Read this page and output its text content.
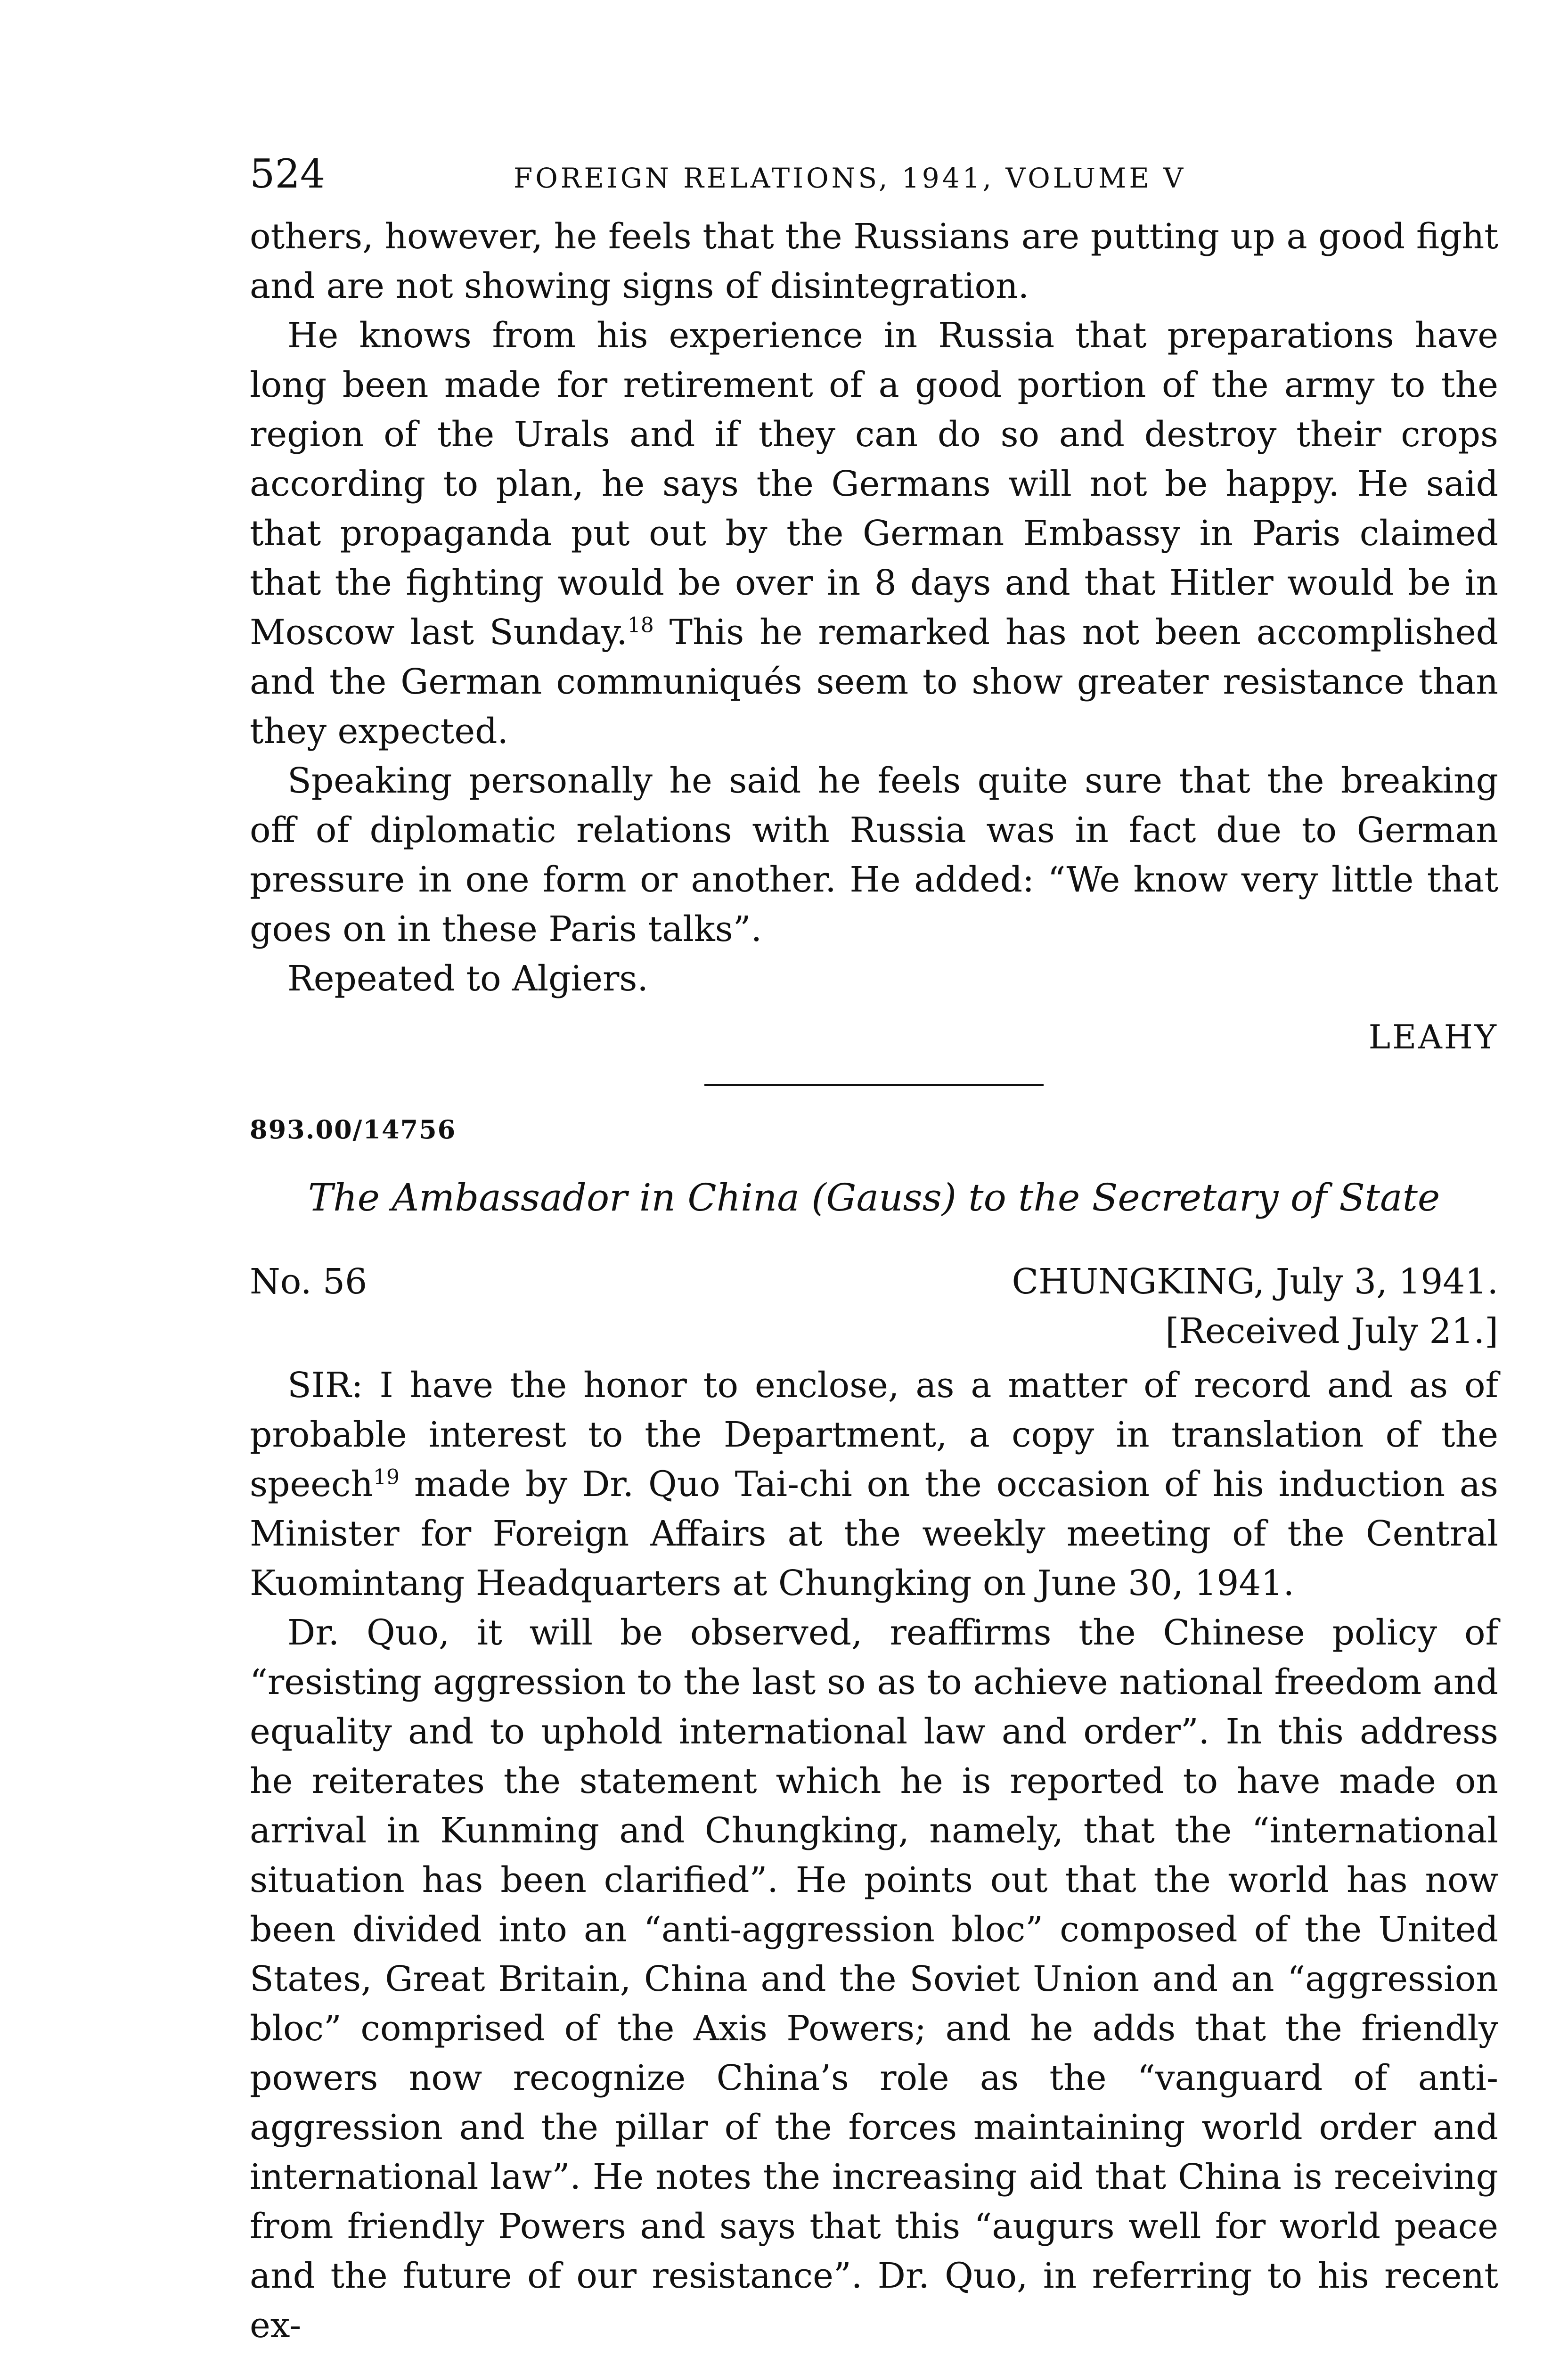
524	FOREIGN RELATIONS, 1941, VOLUME V

others, however, he feels that the Russians are putting up a good fight and are not showing signs of disintegration.

He knows from his experience in Russia that preparations have long been made for retirement of a good portion of the army to the region of the Urals and if they can do so and destroy their crops according to plan, he says the Germans will not be happy. He said that propaganda put out by the German Embassy in Paris claimed that the fighting would be over in 8 days and that Hitler would be in Moscow last Sunday.$^{18}$ This he remarked has not been accomplished and the German communiqués seem to show greater resistance than they expected.

Speaking personally he said he feels quite sure that the breaking off of diplomatic relations with Russia was in fact due to German pressure in one form or another. He added: “We know very little that goes on in these Paris talks”.

Repeated to Algiers.

LEAHY
893.00/14756
The Ambassador in China (Gauss) to the Secretary of State
No. 56	CHUNGKING, July 3, 1941.
[Received July 21.]

SIR: I have the honor to enclose, as a matter of record and as of probable interest to the Department, a copy in translation of the speech$^{19}$ made by Dr. Quo Tai-chi on the occasion of his induction as Minister for Foreign Affairs at the weekly meeting of the Central Kuomintang Headquarters at Chungking on June 30, 1941.

Dr. Quo, it will be observed, reaffirms the Chinese policy of “resisting aggression to the last so as to achieve national freedom and equality and to uphold international law and order”. In this address he reiterates the statement which he is reported to have made on arrival in Kunming and Chungking, namely, that the “international situation has been clarified”. He points out that the world has now been divided into an “anti-aggression bloc” composed of the United States, Great Britain, China and the Soviet Union and an “aggression bloc” comprised of the Axis Powers; and he adds that the friendly powers now recognize China’s role as the “vanguard of anti-aggression and the pillar of the forces maintaining world order and international law”. He notes the increasing aid that China is receiving from friendly Powers and says that this “augurs well for world peace and the future of our resistance”. Dr. Quo, in referring to his recent ex-
